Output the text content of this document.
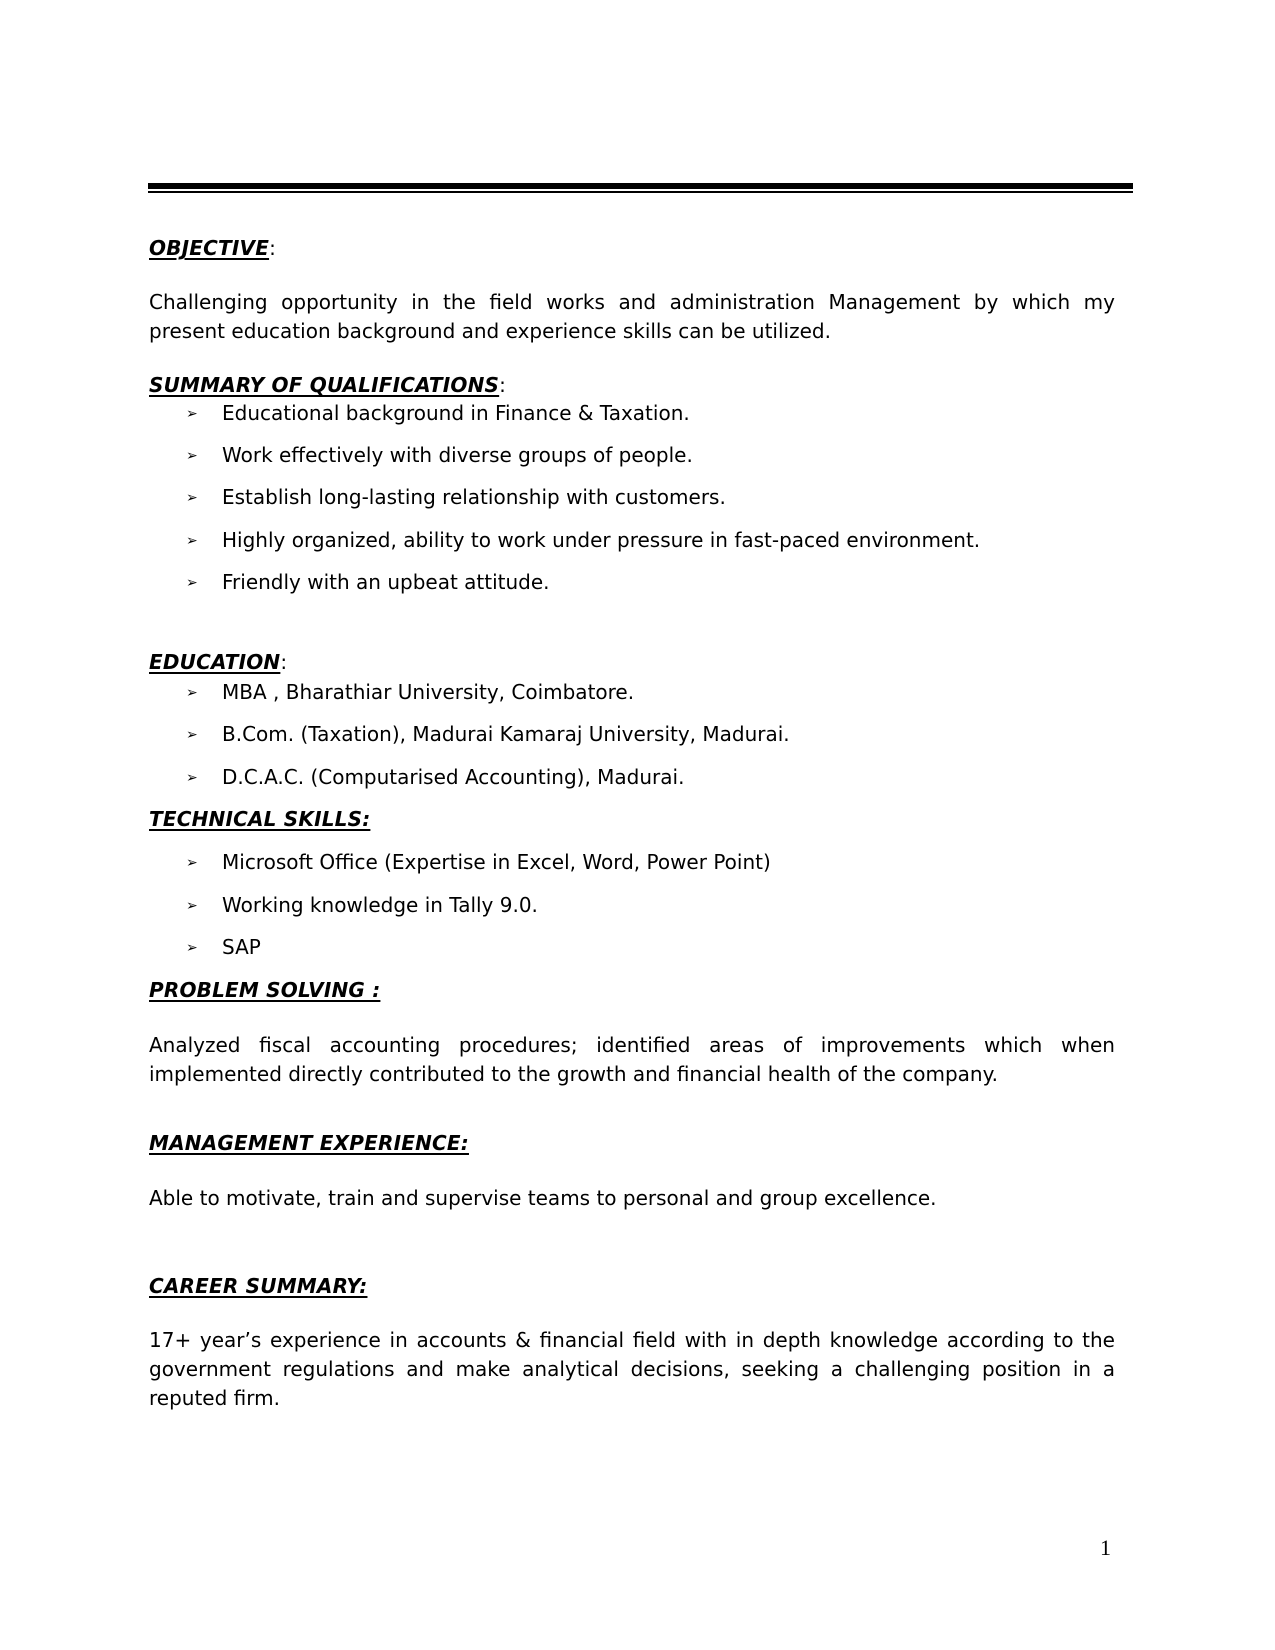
OBJECTIVE:
Challenging opportunity in the field works and administration Management by which my present education background and experience skills can be utilized.
SUMMARY OF QUALIFICATIONS:
➢ Educational background in Finance & Taxation.
➢ Work effectively with diverse groups of people.
➢ Establish long-lasting relationship with customers.
➢ Highly organized, ability to work under pressure in fast-paced environment.
➢ Friendly with an upbeat attitude.
EDUCATION:
➢ MBA , Bharathiar University, Coimbatore.
➢ B.Com. (Taxation), Madurai Kamaraj University, Madurai.
➢ D.C.A.C. (Computarised Accounting), Madurai.
TECHNICAL SKILLS:
➢ Microsoft Office (Expertise in Excel, Word, Power Point)
➢ Working knowledge in Tally 9.0.
➢ SAP
PROBLEM SOLVING :
Analyzed fiscal accounting procedures; identified areas of improvements which when implemented directly contributed to the growth and financial health of the company.
MANAGEMENT EXPERIENCE:
Able to motivate, train and supervise teams to personal and group excellence.
CAREER SUMMARY:
17+ year’s experience in accounts & financial field with in depth knowledge according to the government regulations and make analytical decisions, seeking a challenging position in a reputed firm.
1
